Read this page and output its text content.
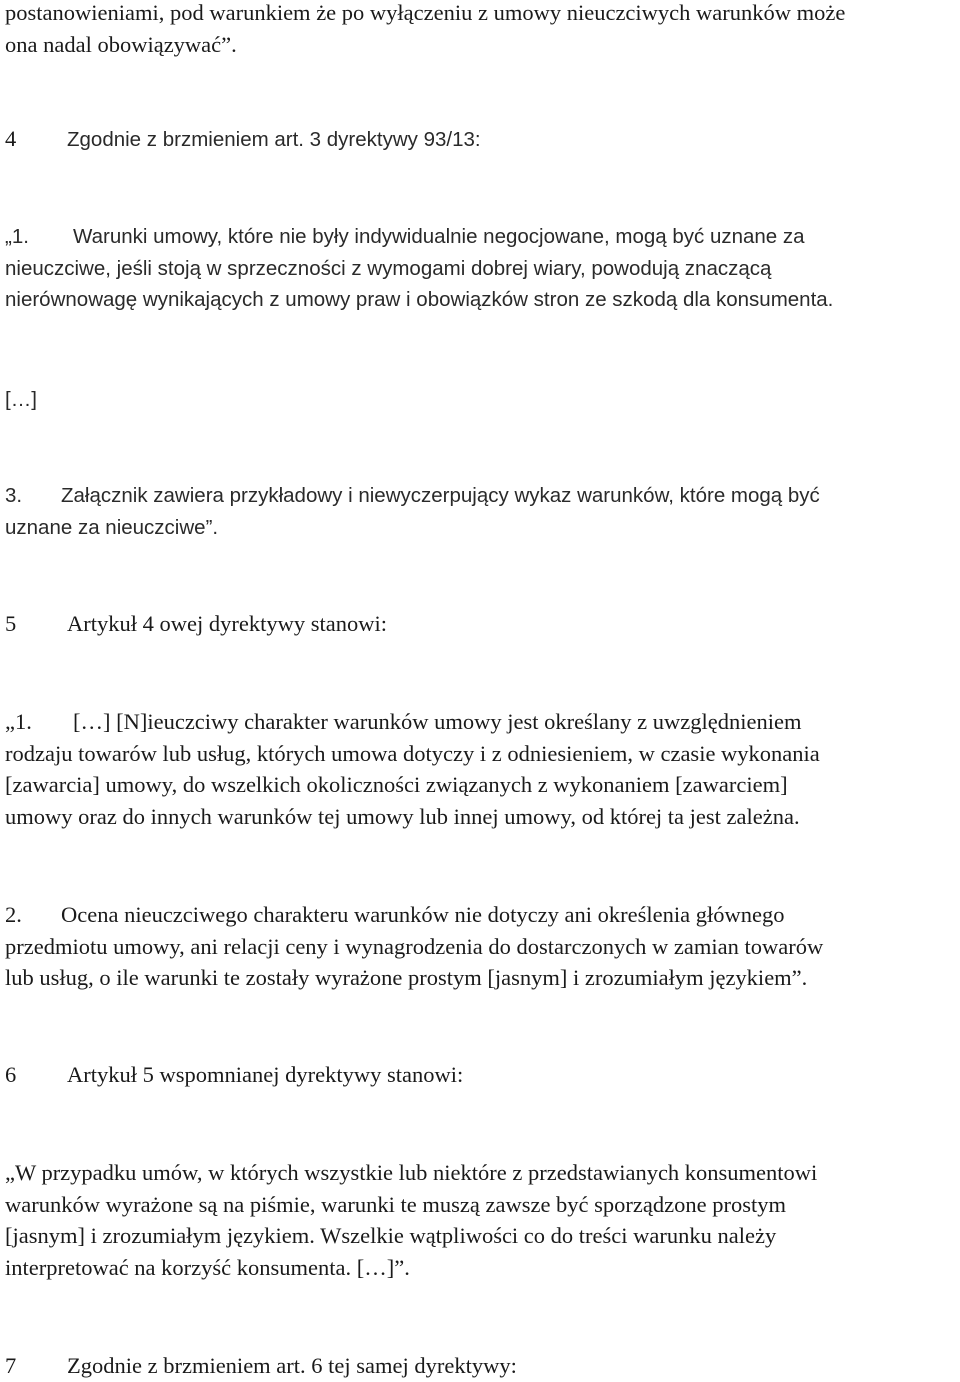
postanowieniami, pod warunkiem że po wyłączeniu z umowy nieuczciwych warunków może
ona nadal obowiązywać”.

4 Zgodnie z brzmieniem art. 3 dyrektywy 93/13:

„1. Warunki umowy, które nie były indywidualnie negocjowane, mogą być uznane za
nieuczciwe, jeśli stoją w sprzeczności z wymogami dobrej wiary, powodują znaczącą
nierównowagę wynikających z umowy praw i obowiązków stron ze szkodą dla konsumenta.

[…]

3. Załącznik zawiera przykładowy i niewyczerpujący wykaz warunków, które mogą być
uznane za nieuczciwe”.

5 Artykuł 4 owej dyrektywy stanowi:

„1. […] [N]ieuczciwy charakter warunków umowy jest określany z uwzględnieniem
rodzaju towarów lub usług, których umowa dotyczy i z odniesieniem, w czasie wykonania
[zawarcia] umowy, do wszelkich okoliczności związanych z wykonaniem [zawarciem]
umowy oraz do innych warunków tej umowy lub innej umowy, od której ta jest zależna.

2. Ocena nieuczciwego charakteru warunków nie dotyczy ani określenia głównego
przedmiotu umowy, ani relacji ceny i wynagrodzenia do dostarczonych w zamian towarów
lub usług, o ile warunki te zostały wyrażone prostym [jasnym] i zrozumiałym językiem”.

6 Artykuł 5 wspomnianej dyrektywy stanowi:

„W przypadku umów, w których wszystkie lub niektóre z przedstawianych konsumentowi
warunków wyrażone są na piśmie, warunki te muszą zawsze być sporządzone prostym
[jasnym] i zrozumiałym językiem. Wszelkie wątpliwości co do treści warunku należy
interpretować na korzyść konsumenta. […]”.

7 Zgodnie z brzmieniem art. 6 tej samej dyrektywy:
